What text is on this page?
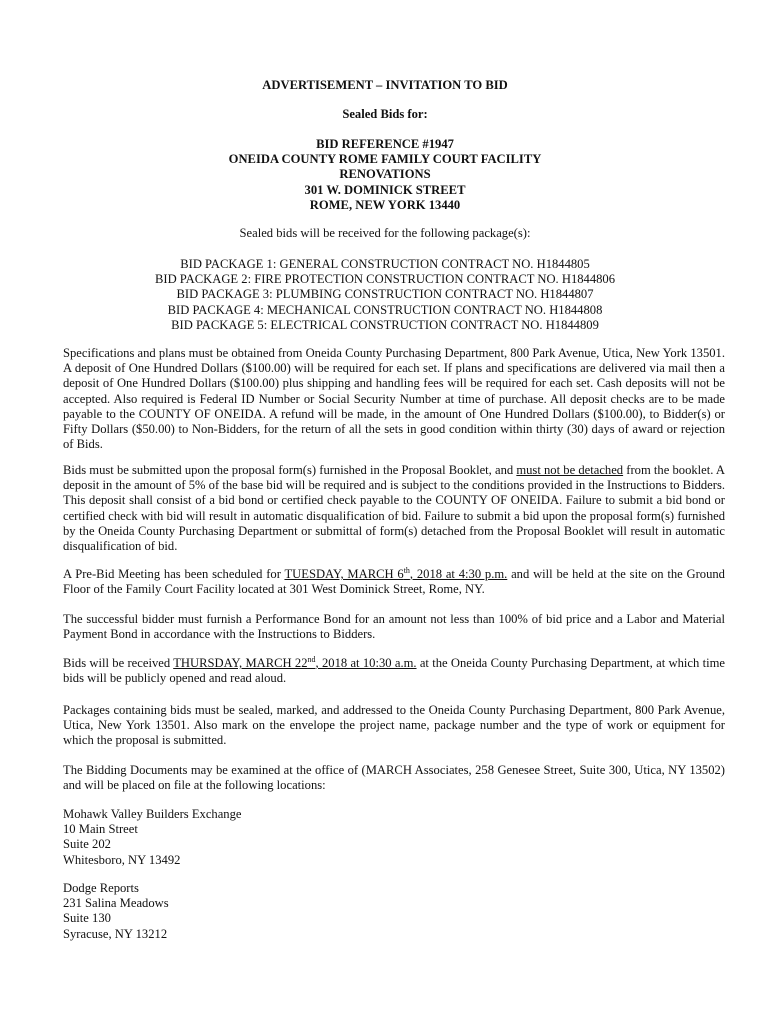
ADVERTISEMENT – INVITATION TO BID
Sealed Bids for:
BID REFERENCE #1947
ONEIDA COUNTY ROME FAMILY COURT FACILITY
RENOVATIONS
301 W. DOMINICK STREET
ROME, NEW YORK 13440
Sealed bids will be received for the following package(s):
BID PACKAGE 1: GENERAL CONSTRUCTION CONTRACT NO. H1844805
BID PACKAGE 2: FIRE PROTECTION CONSTRUCTION CONTRACT NO. H1844806
BID PACKAGE 3: PLUMBING CONSTRUCTION CONTRACT NO. H1844807
BID PACKAGE 4: MECHANICAL CONSTRUCTION CONTRACT NO. H1844808
BID PACKAGE 5: ELECTRICAL CONSTRUCTION CONTRACT NO. H1844809
Specifications and plans must be obtained from Oneida County Purchasing Department, 800 Park Avenue, Utica, New York 13501. A deposit of One Hundred Dollars ($100.00) will be required for each set. If plans and specifications are delivered via mail then a deposit of One Hundred Dollars ($100.00) plus shipping and handling fees will be required for each set. Cash deposits will not be accepted. Also required is Federal ID Number or Social Security Number at time of purchase. All deposit checks are to be made payable to the COUNTY OF ONEIDA. A refund will be made, in the amount of One Hundred Dollars ($100.00), to Bidder(s) or Fifty Dollars ($50.00) to Non-Bidders, for the return of all the sets in good condition within thirty (30) days of award or rejection of Bids.
Bids must be submitted upon the proposal form(s) furnished in the Proposal Booklet, and must not be detached from the booklet. A deposit in the amount of 5% of the base bid will be required and is subject to the conditions provided in the Instructions to Bidders. This deposit shall consist of a bid bond or certified check payable to the COUNTY OF ONEIDA. Failure to submit a bid bond or certified check with bid will result in automatic disqualification of bid. Failure to submit a bid upon the proposal form(s) furnished by the Oneida County Purchasing Department or submittal of form(s) detached from the Proposal Booklet will result in automatic disqualification of bid.
A Pre-Bid Meeting has been scheduled for TUESDAY, MARCH 6th, 2018 at 4:30 p.m. and will be held at the site on the Ground Floor of the Family Court Facility located at 301 West Dominick Street, Rome, NY.
The successful bidder must furnish a Performance Bond for an amount not less than 100% of bid price and a Labor and Material Payment Bond in accordance with the Instructions to Bidders.
Bids will be received THURSDAY, MARCH 22nd, 2018 at 10:30 a.m. at the Oneida County Purchasing Department, at which time bids will be publicly opened and read aloud.
Packages containing bids must be sealed, marked, and addressed to the Oneida County Purchasing Department, 800 Park Avenue, Utica, New York 13501. Also mark on the envelope the project name, package number and the type of work or equipment for which the proposal is submitted.
The Bidding Documents may be examined at the office of (MARCH Associates, 258 Genesee Street, Suite 300, Utica, NY 13502) and will be placed on file at the following locations:
Mohawk Valley Builders Exchange
10 Main Street
Suite 202
Whitesboro, NY 13492
Dodge Reports
231 Salina Meadows
Suite 130
Syracuse, NY 13212
